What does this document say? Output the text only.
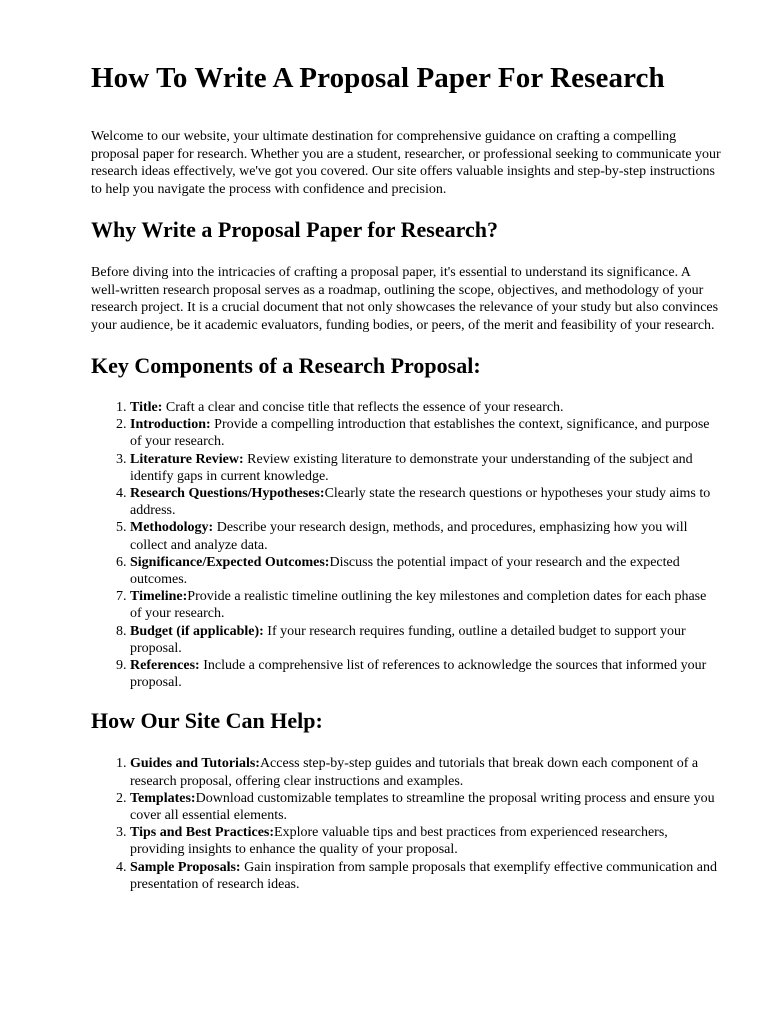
How To Write A Proposal Paper For Research

Welcome to our website, your ultimate destination for comprehensive guidance on crafting a compelling proposal paper for research. Whether you are a student, researcher, or professional seeking to communicate your research ideas effectively, we've got you covered. Our site offers valuable insights and step-by-step instructions to help you navigate the process with confidence and precision.

Why Write a Proposal Paper for Research?

Before diving into the intricacies of crafting a proposal paper, it's essential to understand its significance. A well-written research proposal serves as a roadmap, outlining the scope, objectives, and methodology of your research project. It is a crucial document that not only showcases the relevance of your study but also convinces your audience, be it academic evaluators, funding bodies, or peers, of the merit and feasibility of your research.

Key Components of a Research Proposal:
1. Title: Craft a clear and concise title that reflects the essence of your research.
2. Introduction: Provide a compelling introduction that establishes the context, significance, and purpose of your research.
3. Literature Review: Review existing literature to demonstrate your understanding of the subject and identify gaps in current knowledge.
4. Research Questions/Hypotheses:Clearly state the research questions or hypotheses your study aims to address.
5. Methodology: Describe your research design, methods, and procedures, emphasizing how you will collect and analyze data.
6. Significance/Expected Outcomes:Discuss the potential impact of your research and the expected outcomes.
7. Timeline:Provide a realistic timeline outlining the key milestones and completion dates for each phase of your research.
8. Budget (if applicable): If your research requires funding, outline a detailed budget to support your proposal.
9. References: Include a comprehensive list of references to acknowledge the sources that informed your proposal.
How Our Site Can Help:
1. Guides and Tutorials:Access step-by-step guides and tutorials that break down each component of a research proposal, offering clear instructions and examples.
2. Templates:Download customizable templates to streamline the proposal writing process and ensure you cover all essential elements.
3. Tips and Best Practices:Explore valuable tips and best practices from experienced researchers, providing insights to enhance the quality of your proposal.
4. Sample Proposals: Gain inspiration from sample proposals that exemplify effective communication and presentation of research ideas.
